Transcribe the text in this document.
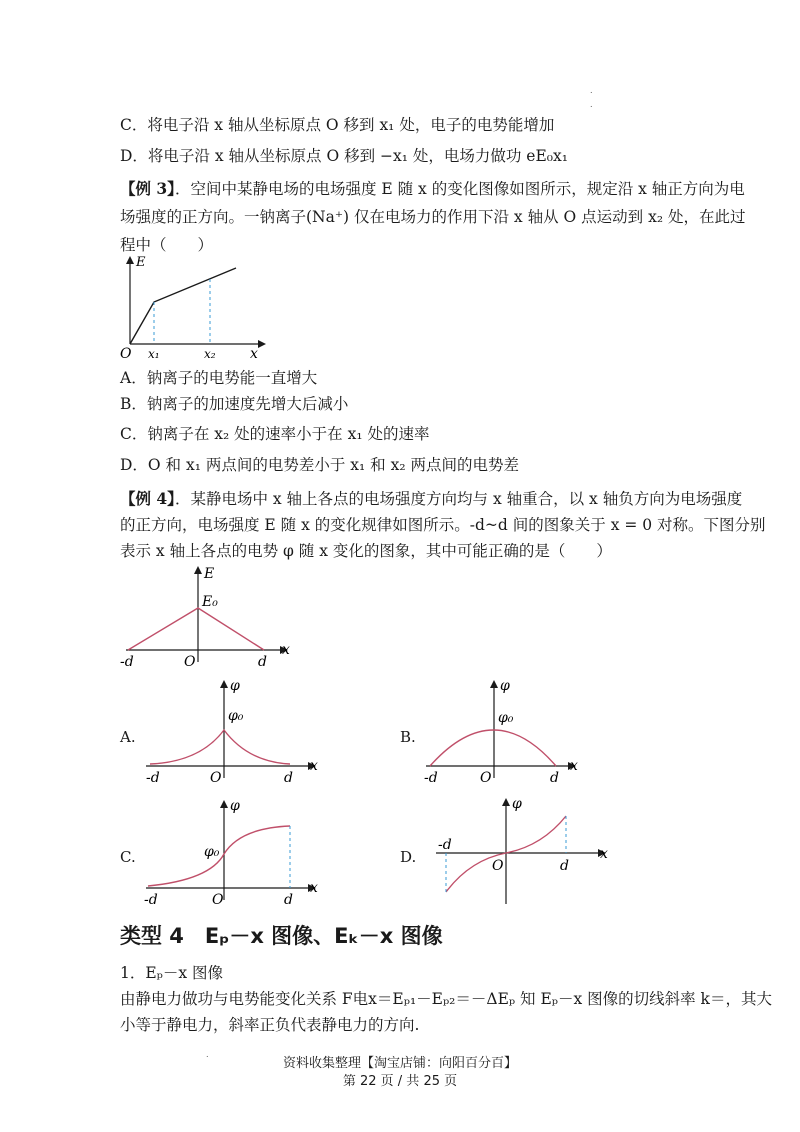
.
.
C．将电子沿 x 轴从坐标原点 O 移到 x₁ 处，电子的电势能增加
D．将电子沿 x 轴从坐标原点 O 移到 −x₁ 处，电场力做功 eE₀x₁
【例 3】．空间中某静电场的电场强度 E 随 x 的变化图像如图所示，规定沿 x 轴正方向为电
场强度的正方向。一钠离子(Na⁺) 仅在电场力的作用下沿 x 轴从 O 点运动到 x₂ 处，在此过
程中（　　）
E
x
O x₁	x₂
A．钠离子的电势能一直增大
B．钠离子的加速度先增大后减小
C．钠离子在 x₂ 处的速率小于在 x₁ 处的速率
D．O 和 x₁ 两点间的电势差小于 x₁ 和 x₂ 两点间的电势差
【例 4】．某静电场中 x 轴上各点的电场强度方向均与 x 轴重合，以 x 轴负方向为电场强度
的正方向，电场强度 E 随 x 的变化规律如图所示。-d~d 间的图象关于 x = 0 对称。下图分别
表示 x 轴上各点的电势 φ 随 x 变化的图象，其中可能正确的是（　　）
E
E₀
x
-d	O	d
A.
φ
φ₀
x
-d	O	d
B.
φ
φ₀
x
-d	O	d
C.
φ
φ₀
x
-d	O	d
D.
φ
x
-d
O	d
类型 4　Eₚ－x 图像、Eₖ－x 图像
1．Eₚ－x 图像
由静电力做功与电势能变化关系 F电x＝Eₚ₁－Eₚ₂＝－ΔEₚ 知 Eₚ－x 图像的切线斜率 k＝，其大
小等于静电力，斜率正负代表静电力的方向.
.
资料收集整理【淘宝店铺：向阳百分百】
第 22 页 / 共 25 页
